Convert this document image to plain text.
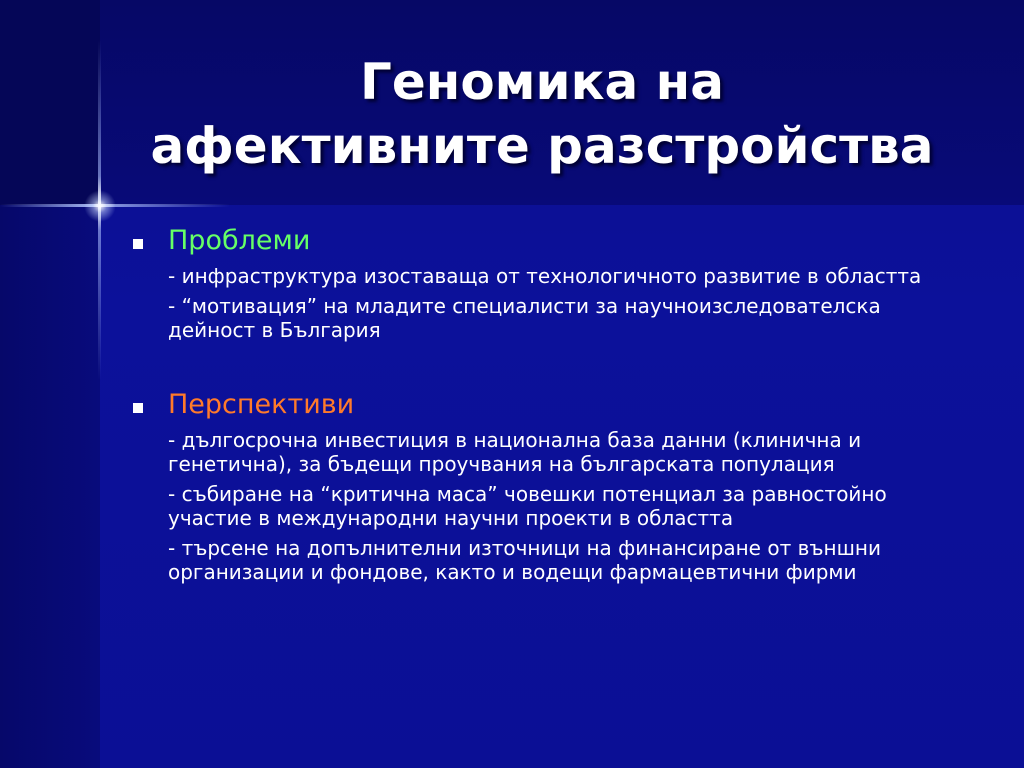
Геномика на
афективните разстройства
Проблеми
- инфраструктура изоставаща от технологичното развитие в областта
- “мотивация” на младите специалисти за научноизследователска дейност в България
Перспективи
- дългосрочна инвестиция в национална база данни (клинична и генетична), за бъдещи проучвания на българската популация
- събиране на “критична маса” човешки потенциал за равностойно участие в международни научни проекти в областта
- търсене на допълнителни източници на финансиране от външни организации и фондове, както и водещи фармацевтични фирми
